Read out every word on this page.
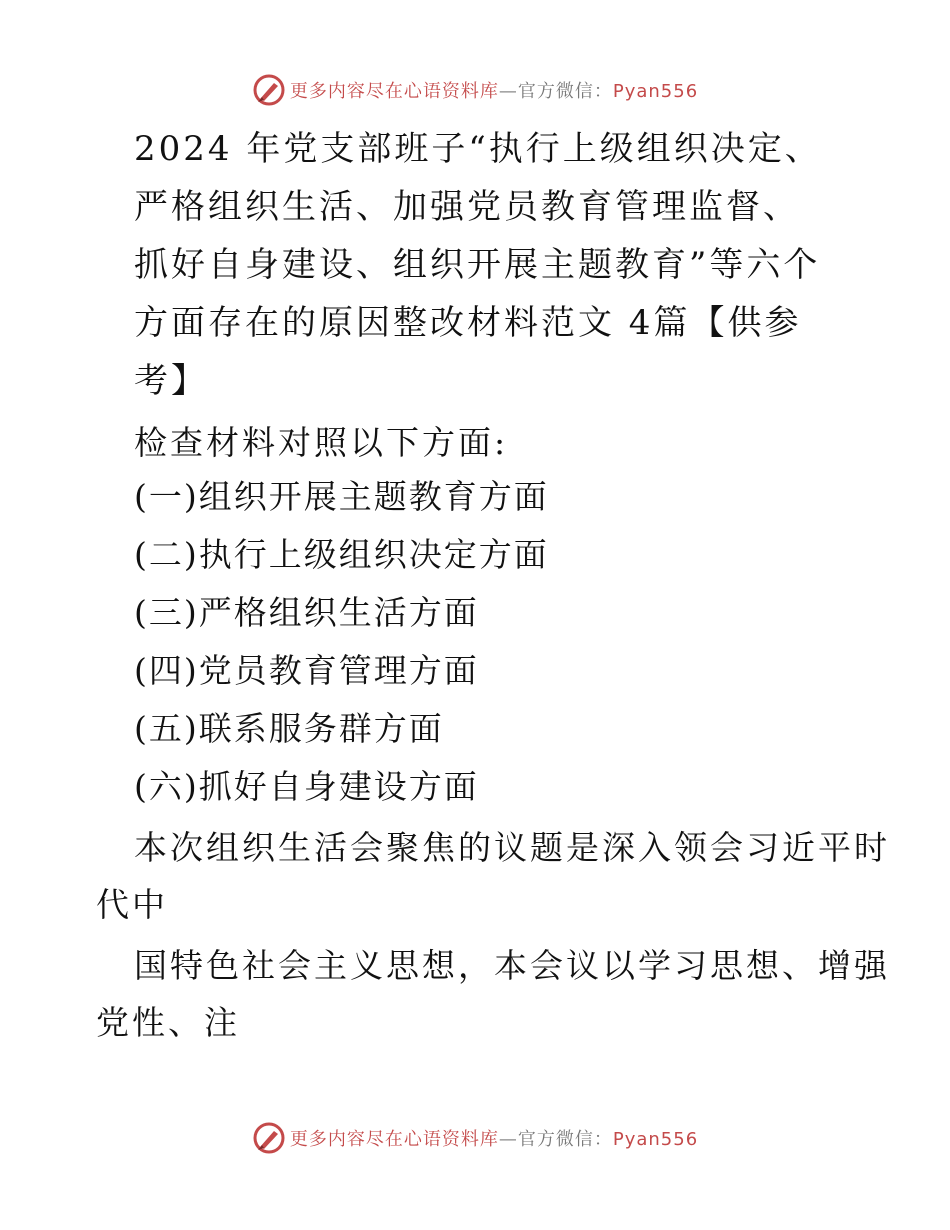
更多内容尽在心语资料库—官方微信：Pyan556
2024 年党支部班子“执行上级组织决定、
严格组织生活、加强党员教育管理监督、
抓好自身建设、组织开展主题教育”等六个
方面存在的原因整改材料范文 4篇【供参
考】
检查材料对照以下方面:
(一)组织开展主题教育方面
(二)执行上级组织决定方面
(三)严格组织生活方面
(四)党员教育管理方面
(五)联系服务群方面
(六)抓好自身建设方面
本次组织生活会聚焦的议题是深入领会习近平时
代中
国特色社会主义思想，本会议以学习思想、增强
党性、注
更多内容尽在心语资料库—官方微信：Pyan556
